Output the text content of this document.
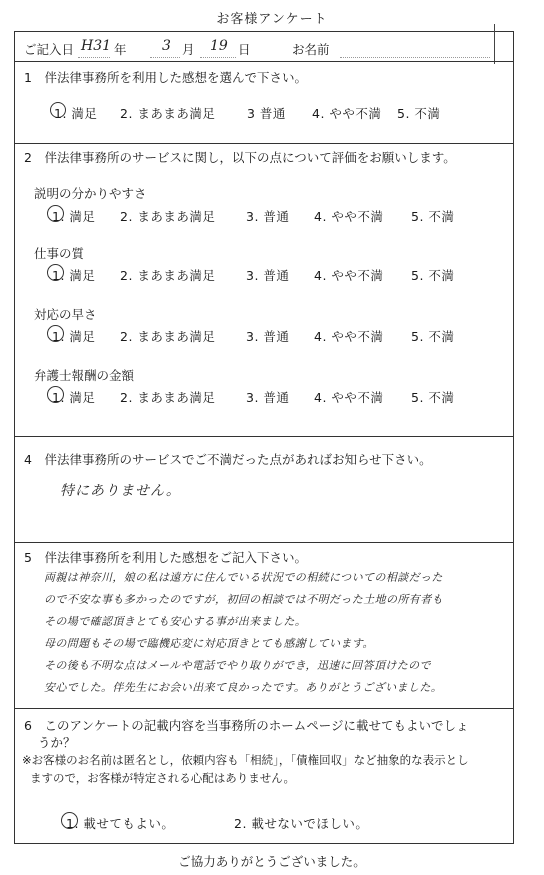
お客様アンケート
ご記入日 H31 年	3 月 19 日	お名前
1　伴法律事務所を利用した感想を選んで下さい。
1. 満足 2. まあまあ満足	3 普通 4. やや不満 5. 不満
2　伴法律事務所のサービスに関し，以下の点について評価をお願いします。
説明の分かりやすさ
1. 満足 2. まあまあ満足 3. 普通 4. やや不満 5. 不満
仕事の質
1. 満足 2. まあまあ満足 3. 普通 4. やや不満 5. 不満
対応の早さ
1. 満足 2. まあまあ満足 3. 普通 4. やや不満 5. 不満
弁護士報酬の金額
1. 満足 2. まあまあ満足 3. 普通 4. やや不満 5. 不満
4　伴法律事務所のサービスでご不満だった点があればお知らせ下さい。
特にありません。
5　伴法律事務所を利用した感想をご記入下さい。
両親は神奈川，娘の私は遠方に住んでいる状況での相続についての相談だった
ので不安な事も多かったのですが，初回の相談では不明だった土地の所有者も
その場で確認頂きとても安心する事が出来ました。
母の問題もその場で臨機応変に対応頂きとても感謝しています。
その後も不明な点はメールや電話でやり取りができ，迅速に回答頂けたので
安心でした。伴先生にお会い出来て良かったです。ありがとうございました。
6　このアンケートの記載内容を当事務所のホームページに載せてもよいでしょ
うか？
※お客様のお名前は匿名とし，依頼内容も「相続」，「債権回収」など抽象的な表示とし
ますので，お客様が特定される心配はありません。
1. 載せてもよい。	2. 載せないでほしい。
ご協力ありがとうございました。
